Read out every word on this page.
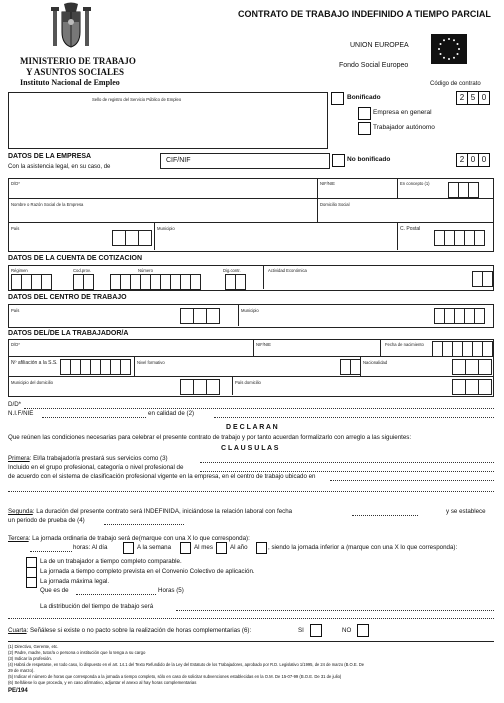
MINISTERIO DE TRABAJO
Y ASUNTOS SOCIALES
Instituto Nacional de Empleo
CONTRATO DE TRABAJO INDEFINIDO A TIEMPO PARCIAL
UNION EUROPEA
Fondo Social Europeo
Código de contrato
Sello de registro del Servicio Público de Empleo	Bonificado	2 5 0
Empresa en general
Trabajador autónomo
DATOS DE LA EMPRESA
Con la asistencia legal, en su caso, de
CIF/NIF	No bonificado	2 0 0
D/D*	NIF/NIE	En concepto (1)
Nombre o Razón Social de la Empresa	Domicilio Social
País	Municipio	C. Postal
DATOS DE LA CUENTA DE COTIZACION
Régimen	Cod.prov.	Número	Dig.contr.	Actividad Económica
DATOS DEL CENTRO DE TRABAJO
País	Municipio
DATOS DEL/DE LA TRABAJADOR/A
D/D*	NIF/NIE	Fecha de nacimiento
Nº afiliación a la S.S.	Nivel formativo	Nacionalidad
Municipio del domicilio	País domicilio
D/D*
N.I.F/NIE	en calidad de (2)
D E C L A R A N
Que reúnen las condiciones necesarias para celebrar el presente contrato de trabajo y por tanto acuerdan formalizarlo con arreglo a las siguientes:
C L A U S U L A S
Primera: El/la trabajador/a prestará sus servicios como (3)
Incluido en el grupo profesional, categoría o nivel profesional de
de acuerdo con el sistema de clasificación profesional vigente en la empresa, en el centro de trabajo ubicado en
Segunda: La duración del presente contrato será INDEFINIDA, iniciándose la relación laboral con fecha	y se establece
un periodo de prueba de (4)
Tercera: La jornada ordinaria de trabajo será de(marque con una X lo que corresponda):
horas: Al día	A la semana	Al mes	Al año	, siendo la jornada inferior a (marque con una X lo que corresponda):
La de un trabajador a tiempo completo comparable.
La jornada a tiempo completo prevista en el Convenio Colectivo de aplicación.
La jornada máxima legal.
Que es de	Horas (5)
La distribución del tiempo de trabajo será
Cuarta: Señálese si existe o no pacto sobre la realización de horas complementarias (6):	SI	NO
(1) Directivo, Gerente, etc.
(2) Padre, madre, tutor/a o persona o institución que lo tenga a su cargo
(3) Indicar la profesión.
(4) Habrá de respetarse, en todo caso, lo dispuesto en el art. 14.1 del Texto Refundido de la Ley del Estatuto de los Trabajadores, aprobado por R.D. Legislativo 1/1995, de 24 de marzo (B.O.E. De
29 de marzo).
(5) Indicar el número de horas que corresponda a la jornada a tiempo completo, sólo en caso de solicitar subvenciones establecidas en la O.M. De 15-07-99 (B.O.E. De 31 de julio)
(6) Señálese lo que proceda, y en caso afirmativo, adjuntar el anexo al hay horas complementarias
PE/194
